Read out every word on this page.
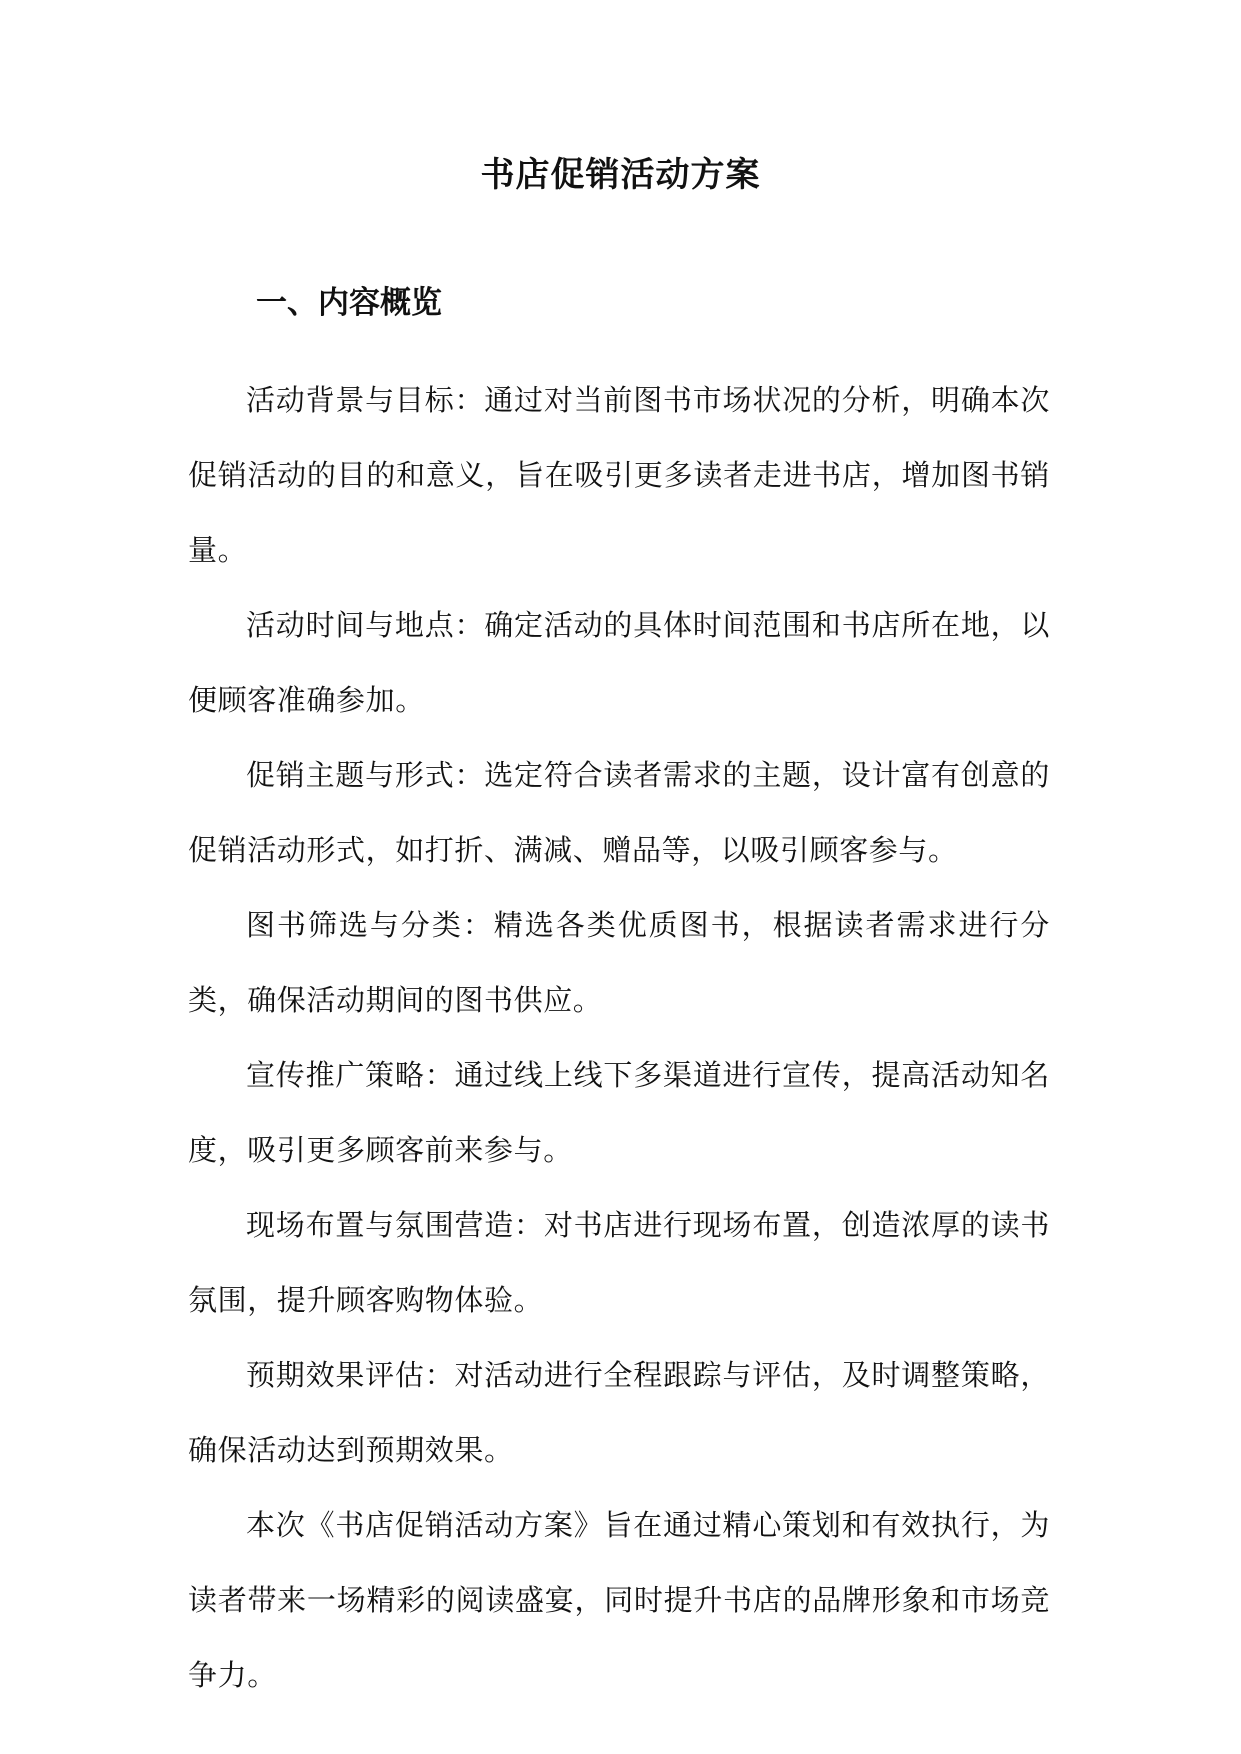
书店促销活动方案
一、内容概览

活动背景与目标：通过对当前图书市场状况的分析，明确本次促销活动的目的和意义，旨在吸引更多读者走进书店，增加图书销量。

活动时间与地点：确定活动的具体时间范围和书店所在地，以便顾客准确参加。

促销主题与形式：选定符合读者需求的主题，设计富有创意的促销活动形式，如打折、满减、赠品等，以吸引顾客参与。

图书筛选与分类：精选各类优质图书，根据读者需求进行分类，确保活动期间的图书供应。

宣传推广策略：通过线上线下多渠道进行宣传，提高活动知名度，吸引更多顾客前来参与。

现场布置与氛围营造：对书店进行现场布置，创造浓厚的读书氛围，提升顾客购物体验。

预期效果评估：对活动进行全程跟踪与评估，及时调整策略，确保活动达到预期效果。

本次《书店促销活动方案》旨在通过精心策划和有效执行，为读者带来一场精彩的阅读盛宴，同时提升书店的品牌形象和市场竞争力。
